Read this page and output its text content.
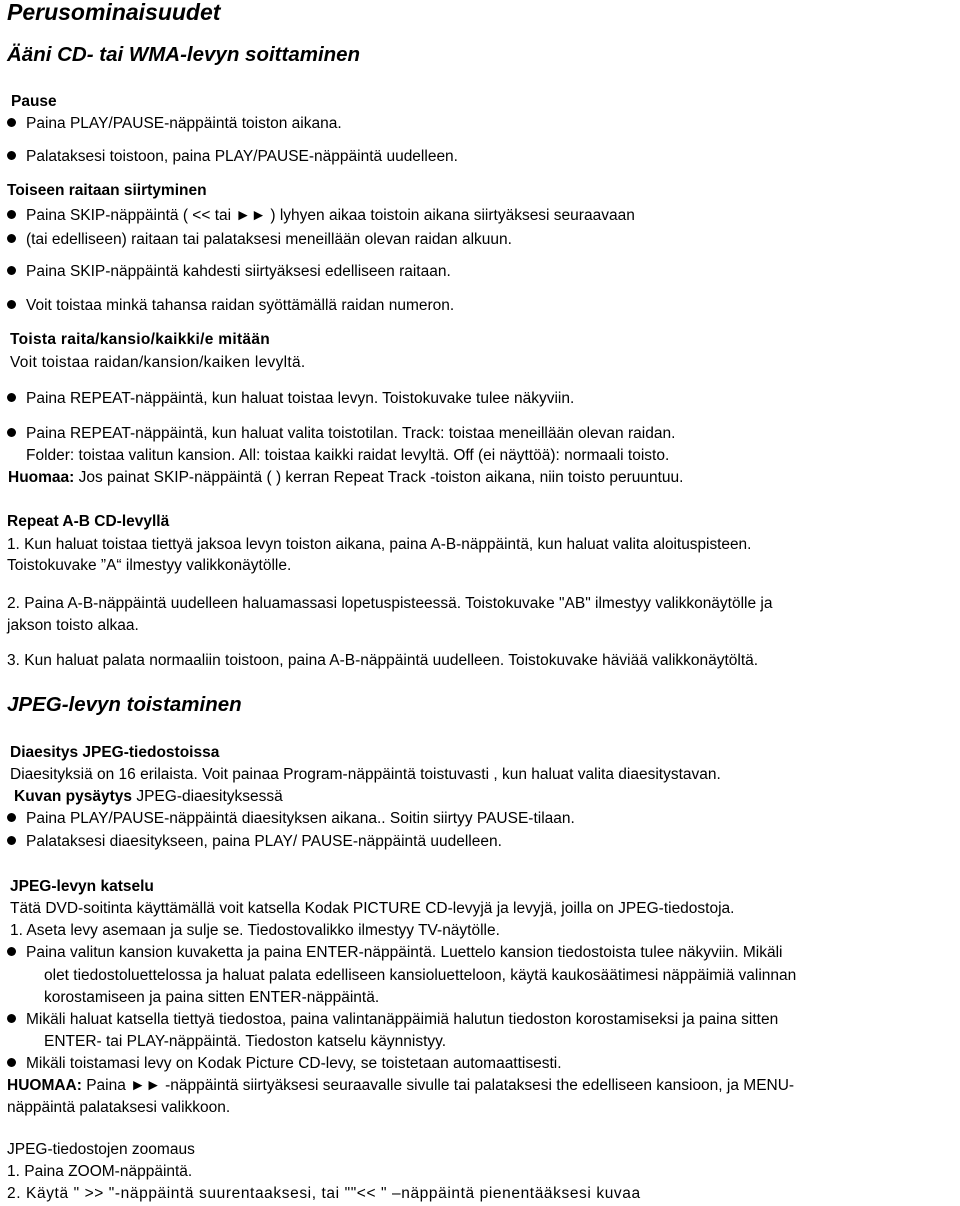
Perusominaisuudet
Ääni CD- tai WMA-levyn soittaminen
Pause
Paina PLAY/PAUSE-näppäintä toiston aikana.
Palataksesi toistoon, paina PLAY/PAUSE-näppäintä uudelleen.
Toiseen raitaan siirtyminen
Paina SKIP-näppäintä ( << tai ►► ) lyhyen aikaa toistoin aikana siirtyäksesi seuraavaan
(tai edelliseen) raitaan tai palataksesi meneillään olevan raidan alkuun.
Paina SKIP-näppäintä kahdesti siirtyäksesi edelliseen raitaan.
Voit toistaa minkä tahansa raidan syöttämällä raidan numeron.
Toista raita/kansio/kaikki/e mitään
Voit toistaa raidan/kansion/kaiken levyltä.
Paina REPEAT-näppäintä, kun haluat toistaa levyn. Toistokuvake tulee näkyviin.
Paina REPEAT-näppäintä, kun haluat valita toistotilan. Track: toistaa meneillään olevan raidan.
Folder: toistaa valitun kansion. All: toistaa kaikki raidat levyltä. Off (ei näyttöä): normaali toisto.
Huomaa: Jos painat SKIP-näppäintä ( ) kerran Repeat Track -toiston aikana, niin toisto peruuntuu.
Repeat A-B CD-levyllä
1. Kun haluat toistaa tiettyä jaksoa levyn toiston aikana, paina A-B-näppäintä, kun haluat valita aloituspisteen.
Toistokuvake ”A“ ilmestyy valikkonäytölle.
2. Paina A-B-näppäintä uudelleen haluamassasi lopetuspisteessä. Toistokuvake "AB" ilmestyy valikkonäytölle ja
jakson toisto alkaa.
3. Kun haluat palata normaaliin toistoon, paina A-B-näppäintä uudelleen. Toistokuvake häviää valikkonäytöltä.
JPEG-levyn toistaminen
Diaesitys JPEG-tiedostoissa
Diaesityksiä on 16 erilaista. Voit painaa Program-näppäintä toistuvasti , kun haluat valita diaesitystavan.
Kuvan pysäytys JPEG-diaesityksessä
Paina PLAY/PAUSE-näppäintä diaesityksen aikana.. Soitin siirtyy PAUSE-tilaan.
Palataksesi diaesitykseen, paina PLAY/ PAUSE-näppäintä uudelleen.
JPEG-levyn katselu
Tätä DVD-soitinta käyttämällä voit katsella Kodak PICTURE CD-levyjä ja levyjä, joilla on JPEG-tiedostoja.
1. Aseta levy asemaan ja sulje se. Tiedostovalikko ilmestyy TV-näytölle.
Paina valitun kansion kuvaketta ja paina ENTER-näppäintä. Luettelo kansion tiedostoista tulee näkyviin. Mikäli
olet tiedostoluettelossa ja haluat palata edelliseen kansioluetteloon, käytä kaukosäätimesi näppäimiä valinnan
korostamiseen ja paina sitten ENTER-näppäintä.
Mikäli haluat katsella tiettyä tiedostoa, paina valintanäppäimiä halutun tiedoston korostamiseksi ja paina sitten
ENTER- tai PLAY-näppäintä. Tiedoston katselu käynnistyy.
Mikäli toistamasi levy on Kodak Picture CD-levy, se toistetaan automaattisesti.
HUOMAA: Paina ►► -näppäintä siirtyäksesi seuraavalle sivulle tai palataksesi the edelliseen kansioon, ja MENU-
näppäintä palataksesi valikkoon.
JPEG-tiedostojen zoomaus
1. Paina ZOOM-näppäintä.
2. Käytä " >> "-näppäintä suurentaaksesi, tai ""<< " –näppäintä pienentääksesi kuvaa
